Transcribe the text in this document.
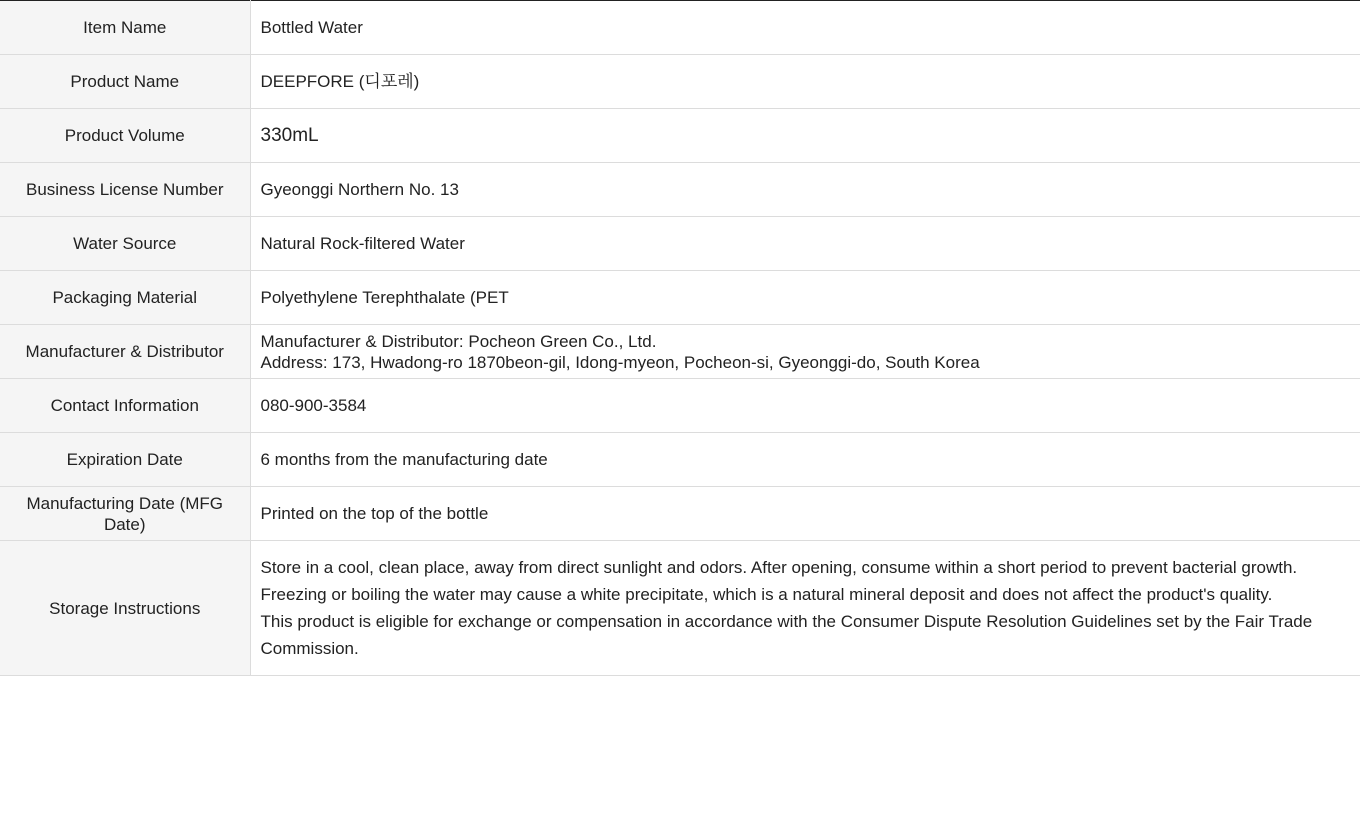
Item Name	Bottled Water
Product Name	DEEPFORE (디포레)
Product Volume	330mL
Business License Number	Gyeonggi Northern No. 13
Water Source	Natural Rock-filtered Water
Packaging Material	Polyethylene Terephthalate (PET
Manufacturer & Distributor	Manufacturer & Distributor: Pocheon Green Co., Ltd.
Address: 173, Hwadong-ro 1870beon-gil, Idong-myeon, Pocheon-si, Gyeonggi-do, South Korea

Contact Information	080-900-3584
Expiration Date	6 months from the manufacturing date
Manufacturing Date (MFG Date)	Printed on the top of the bottle
Storage Instructions	Store in a cool, clean place, away from direct sunlight and odors. After opening, consume within a short period to prevent bacterial growth.
Freezing or boiling the water may cause a white precipitate, which is a natural mineral deposit and does not affect the product's quality.
This product is eligible for exchange or compensation in accordance with the Consumer Dispute Resolution Guidelines set by the Fair Trade Commission.
